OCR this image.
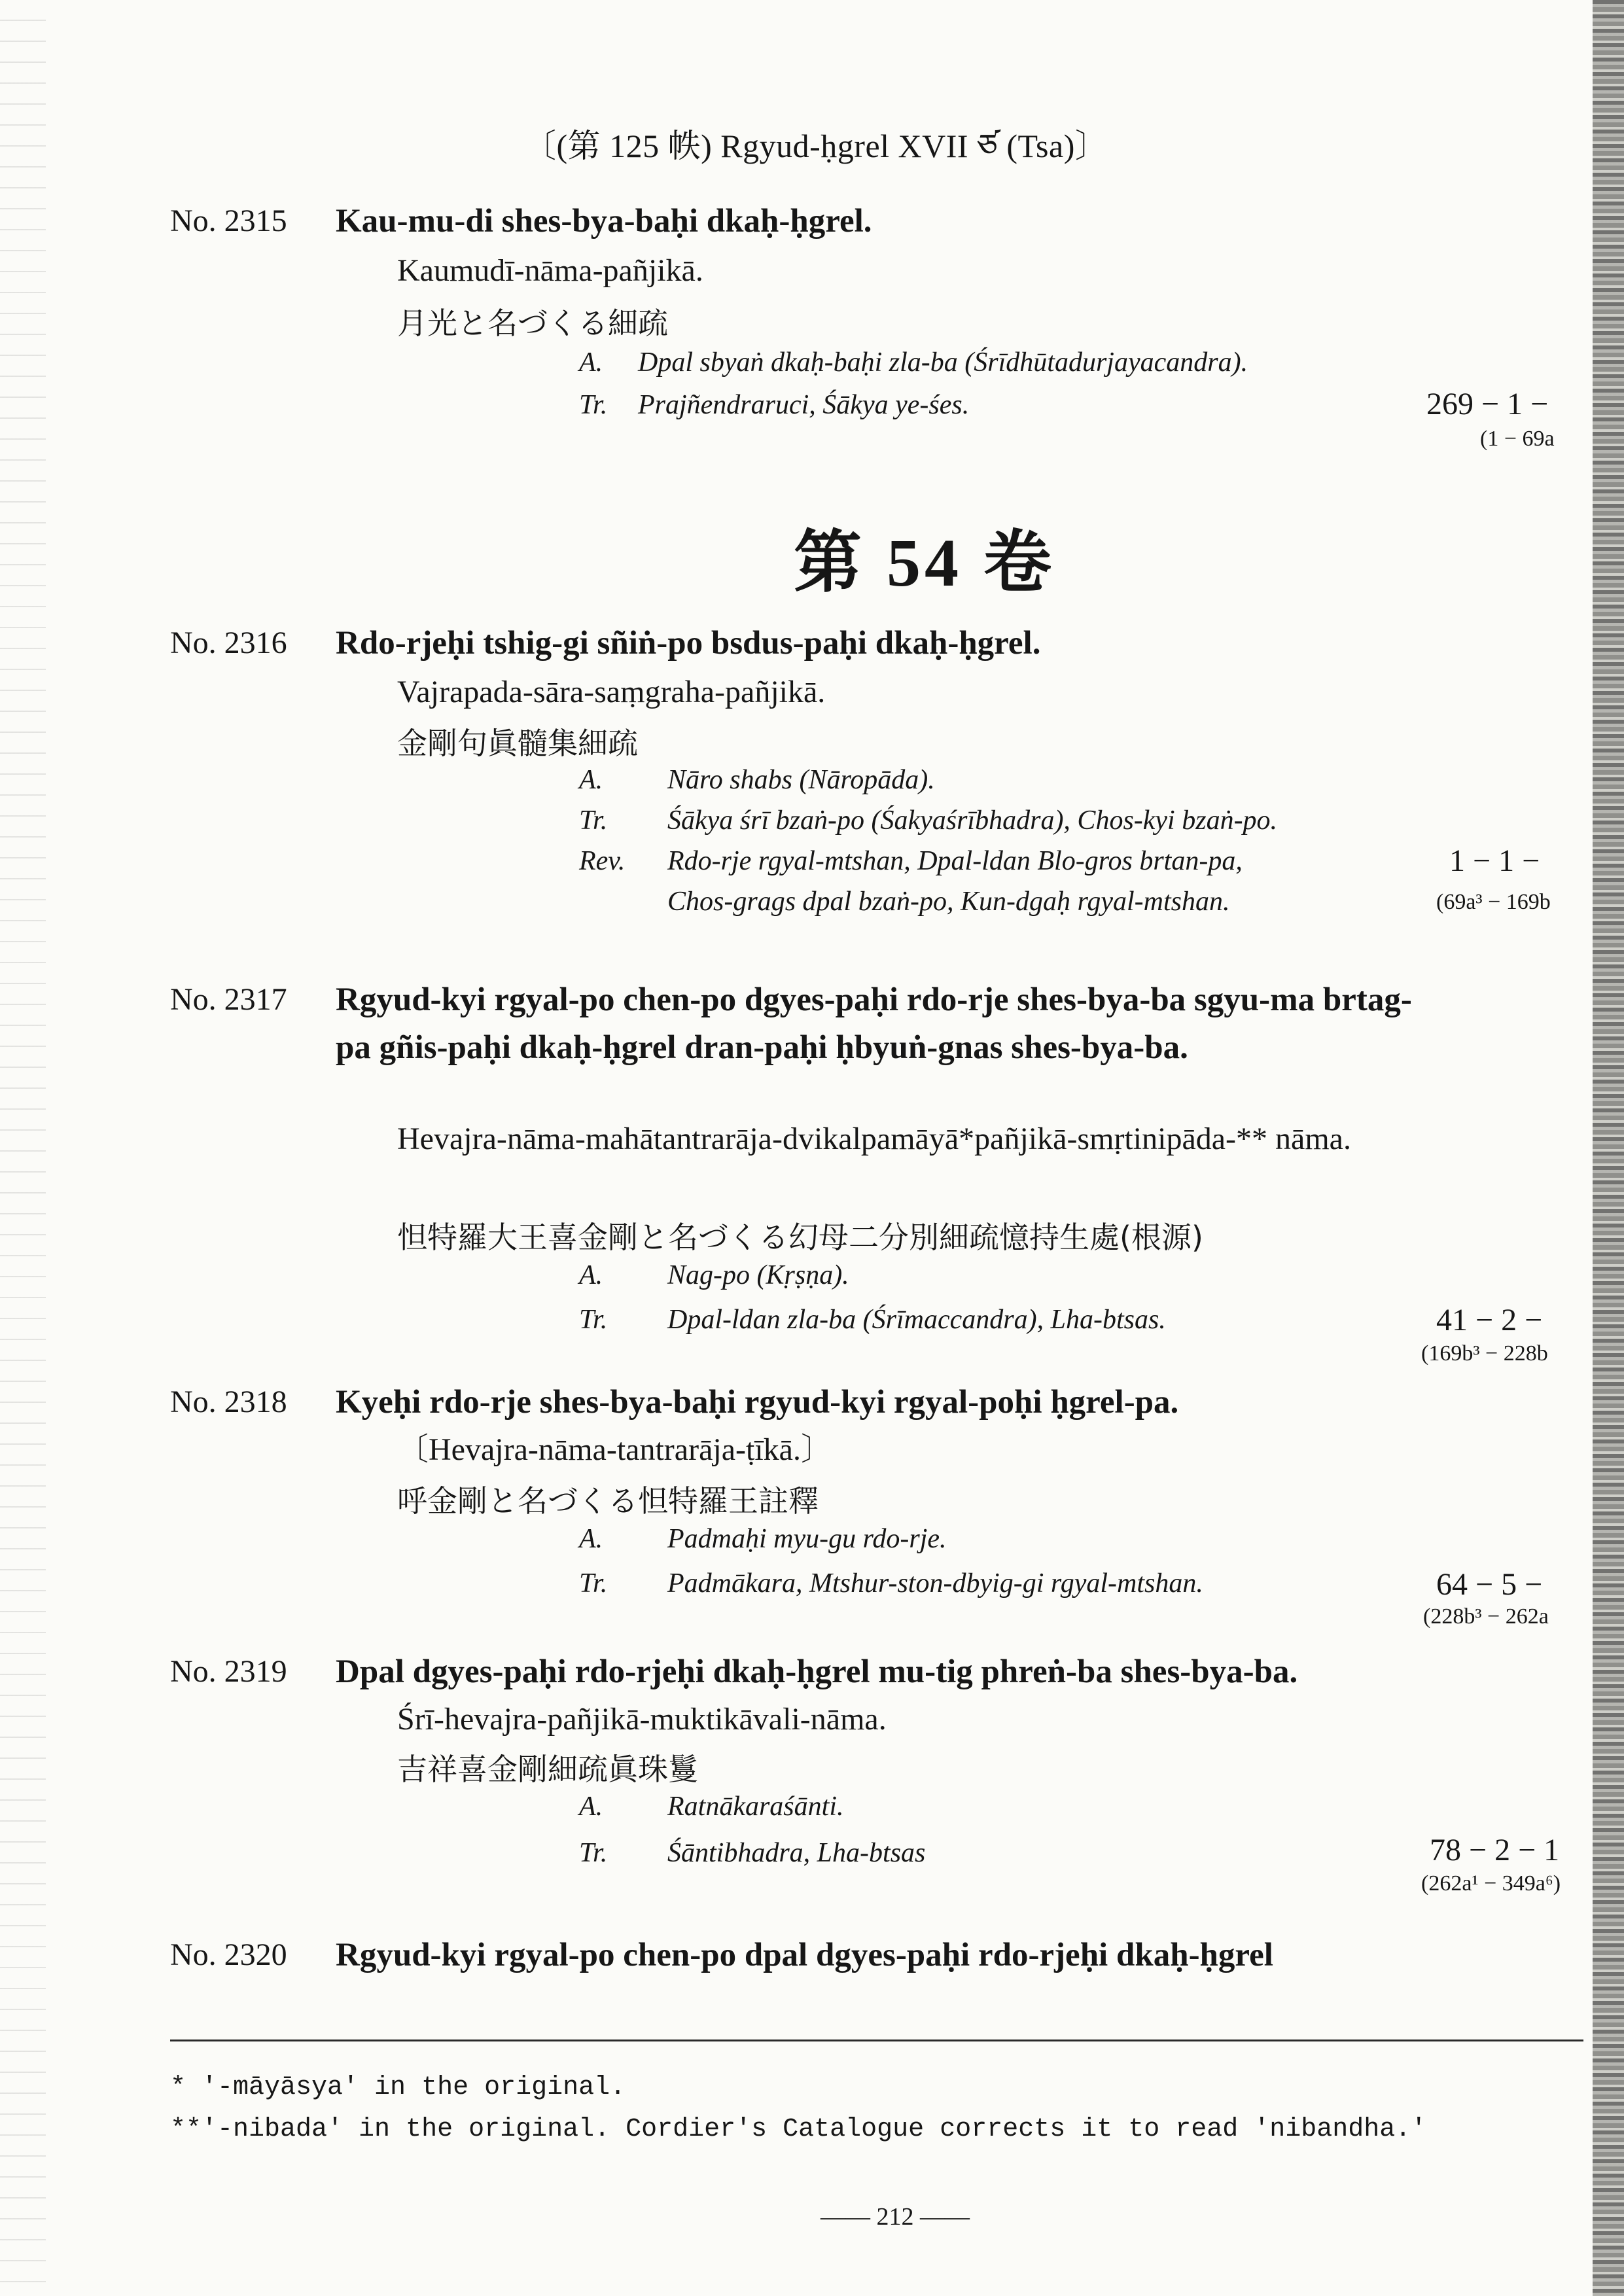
〔(第 125 帙) Rgyud-ḥgrel XVII ཙ (Tsa)〕
No. 2315 Kau-mu-di shes-bya-baḥi dkaḥ-ḥgrel.
Kaumudī-nāma-pañjikā.
月光と名づくる細疏
A. Dpal sbyaṅ dkaḥ-baḥi zla-ba (Śrīdhūtadurjayacandra).
Tr. Prajñendraruci, Śākya ye-śes.	269 − 1 −
(1 − 69a
第 54 卷
No. 2316 Rdo-rjeḥi tshig-gi sñiṅ-po bsdus-paḥi dkaḥ-ḥgrel.
Vajrapada-sāra-saṃgraha-pañjikā.
金剛句眞髓集細疏
A. Nāro shabs (Nāropāda).
Tr. Śākya śrī bzaṅ-po (Śakyaśrībhadra), Chos-kyi bzaṅ-po.
Rev. Rdo-rje rgyal-mtshan, Dpal-ldan Blo-gros brtan-pa,
Chos-grags dpal bzaṅ-po, Kun-dgaḥ rgyal-mtshan.
1 − 1 −
(69a³ − 169b
No. 2317 Rgyud-kyi rgyal-po chen-po dgyes-paḥi rdo-rje shes-bya-ba sgyu-ma brtag-pa gñis-paḥi dkaḥ-ḥgrel dran-paḥi ḥbyuṅ-gnas shes-bya-ba.
Hevajra-nāma-mahātantrarāja-dvikalpamāyā*pañjikā-smṛtinipāda-** nāma.
怛特羅大王喜金剛と名づくる幻母二分別細疏憶持生處(根源)
A. Nag-po (Kṛṣṇa).
Tr. Dpal-ldan zla-ba (Śrīmaccandra), Lha-btsas.	41 − 2 −
(169b³ − 228b
No. 2318 Kyeḥi rdo-rje shes-bya-baḥi rgyud-kyi rgyal-poḥi ḥgrel-pa.
〔Hevajra-nāma-tantrarāja-ṭīkā.〕
呼金剛と名づくる怛特羅王註釋
A. Padmaḥi myu-gu rdo-rje.
Tr. Padmākara, Mtshur-ston-dbyig-gi rgyal-mtshan.	64 − 5 −
(228b³ − 262a
No. 2319 Dpal dgyes-paḥi rdo-rjeḥi dkaḥ-ḥgrel mu-tig phreṅ-ba shes-bya-ba.
Śrī-hevajra-pañjikā-muktikāvali-nāma.
吉祥喜金剛細疏眞珠鬘
A. Ratnākaraśānti.
Tr. Śāntibhadra, Lha-btsas	78 − 2 − 1
(262a¹ − 349a⁶)
No. 2320 Rgyud-kyi rgyal-po chen-po dpal dgyes-paḥi rdo-rjeḥi dkaḥ-ḥgrel
* '-māyāsya' in the original.
**'-nibada' in the original. Cordier's Catalogue corrects it to read 'nibandha.'
—— 212 ——
